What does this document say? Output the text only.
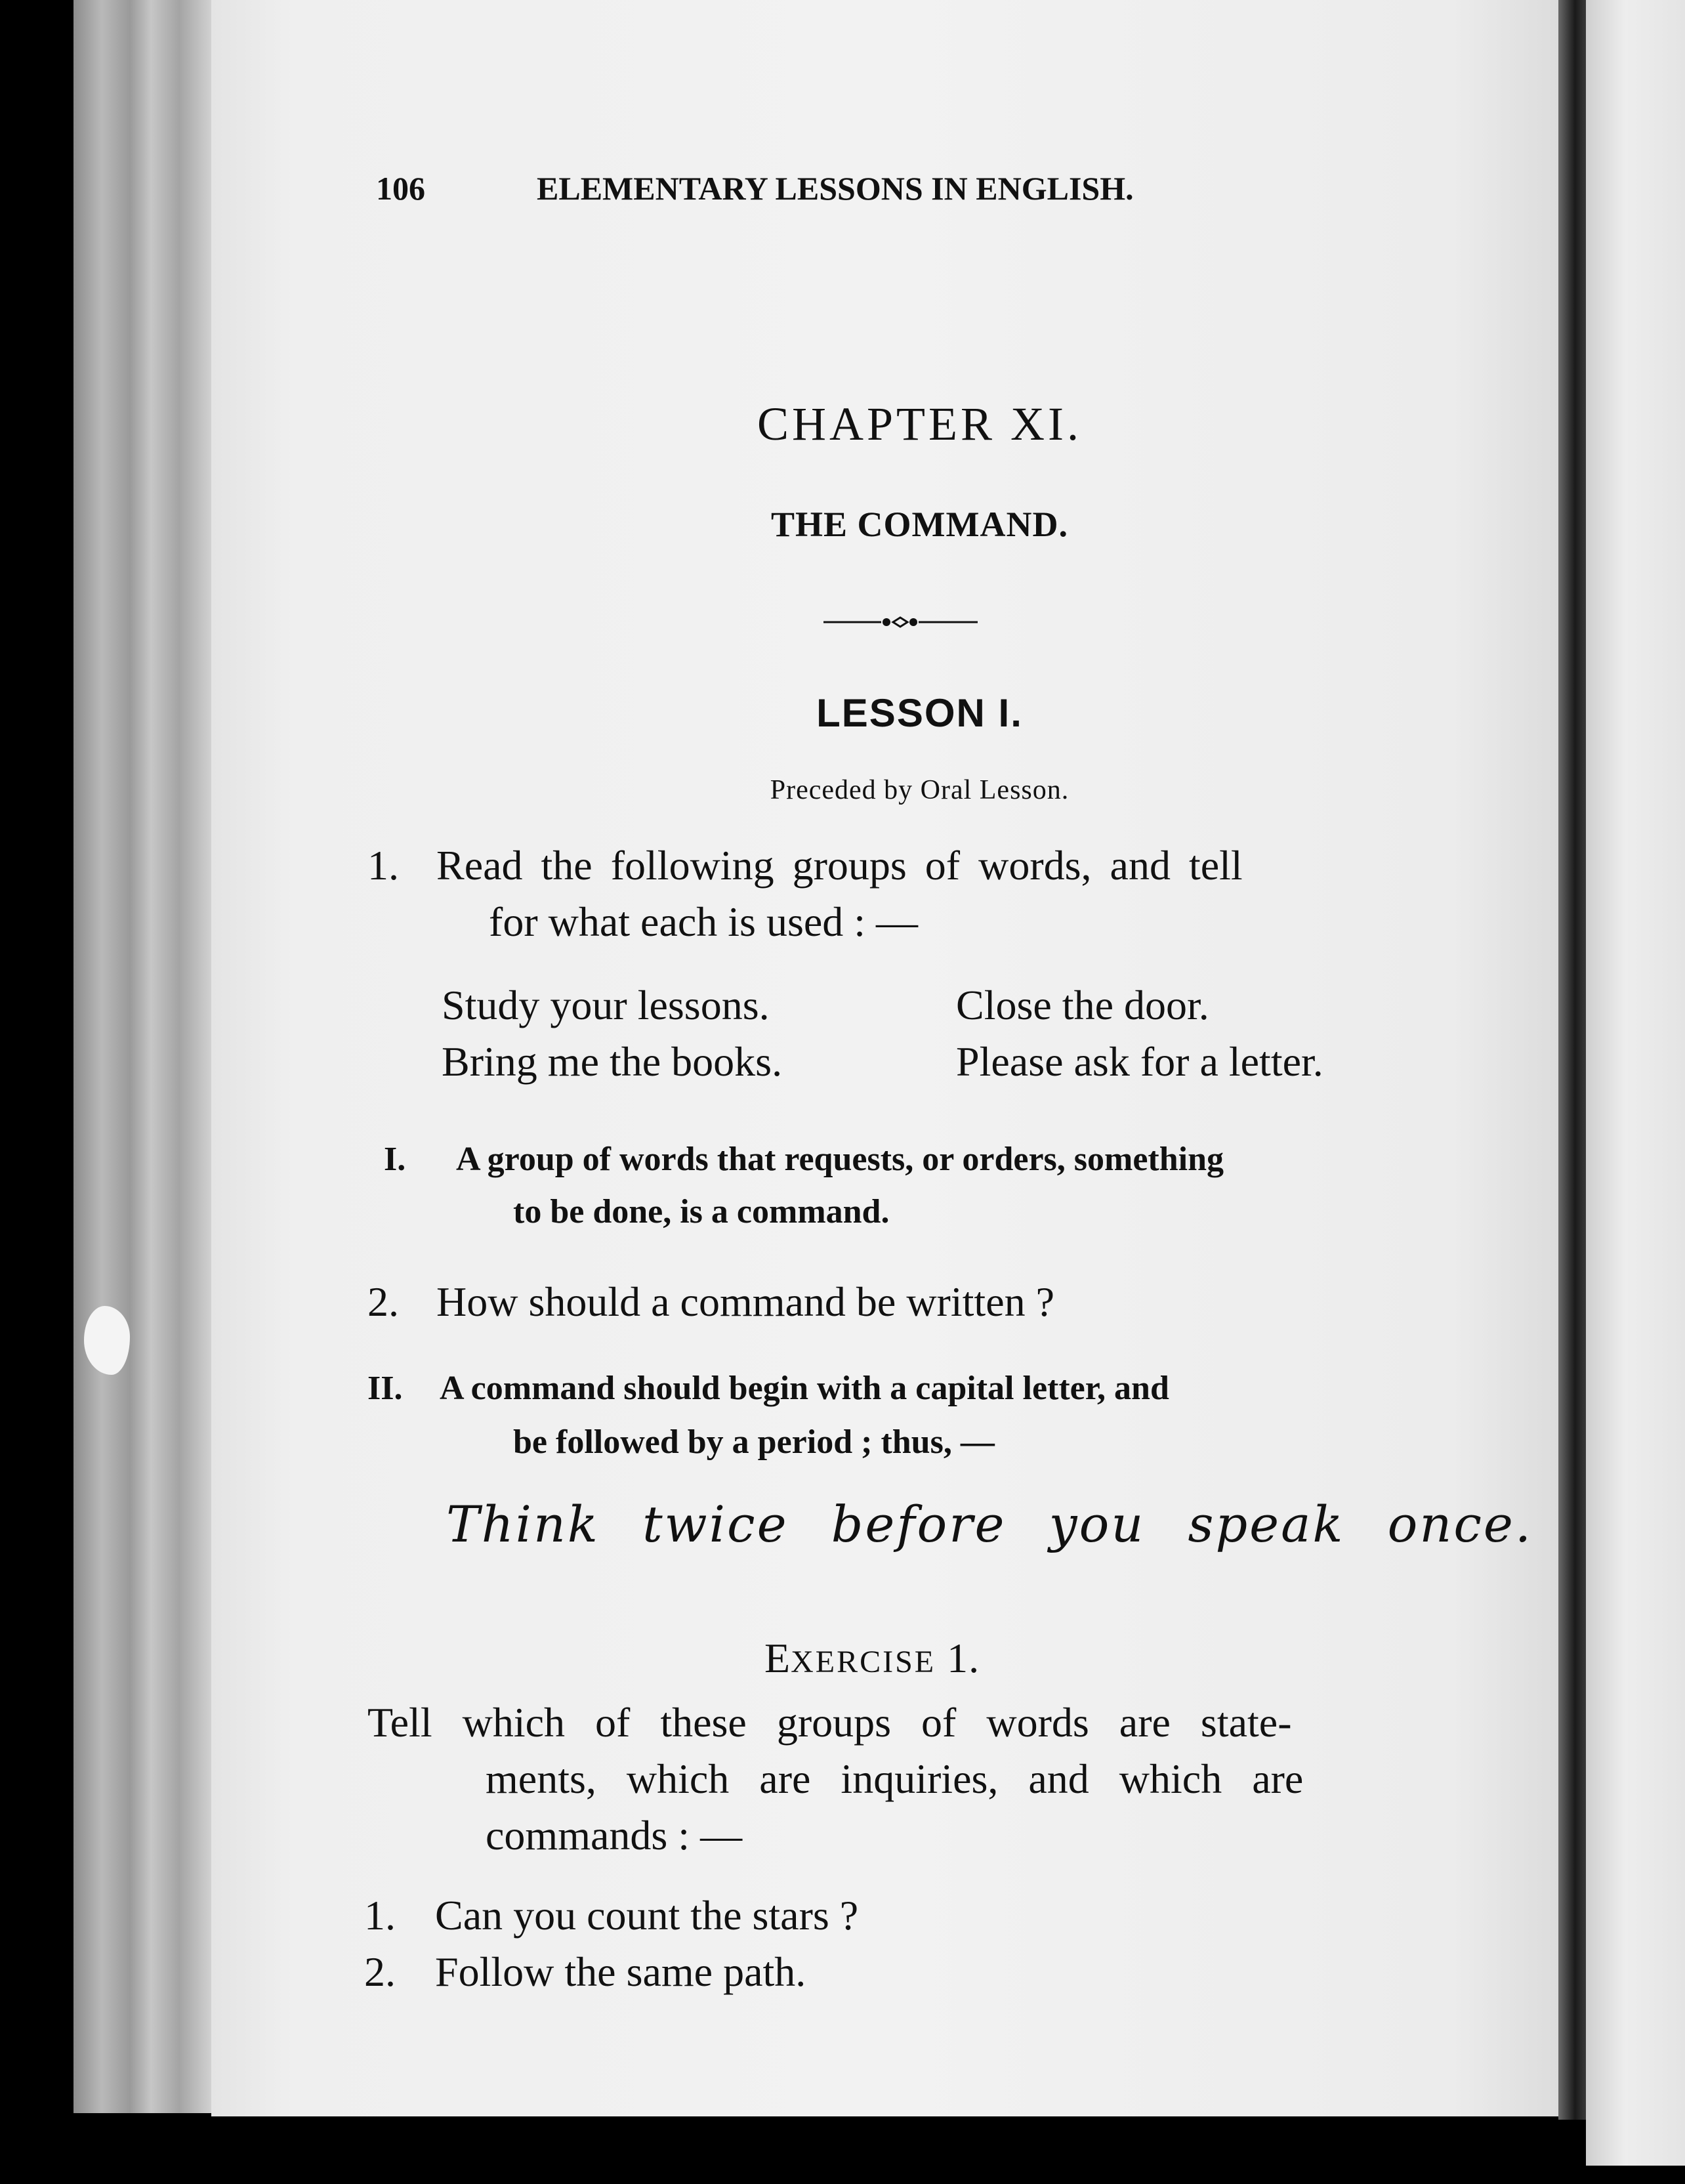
106	ELEMENTARY LESSONS IN ENGLISH.
CHAPTER XI.
THE COMMAND.
LESSON I.
Preceded by Oral Lesson.
1. Read the following groups of words, and tell
for what each is used : —
Study your lessons.
Bring me the books.
Close the door.
Please ask for a letter.
I. A group of words that requests, or orders, something
to be done, is a command.
2. How should a command be written ?
II. A command should begin with a capital letter, and
be followed by a period ; thus, —
Think twice before you speak once.
EXERCISE 1.
Tell which of these groups of words are state-
ments, which are inquiries, and which are
commands : —
1. Can you count the stars ?
2. Follow the same path.
